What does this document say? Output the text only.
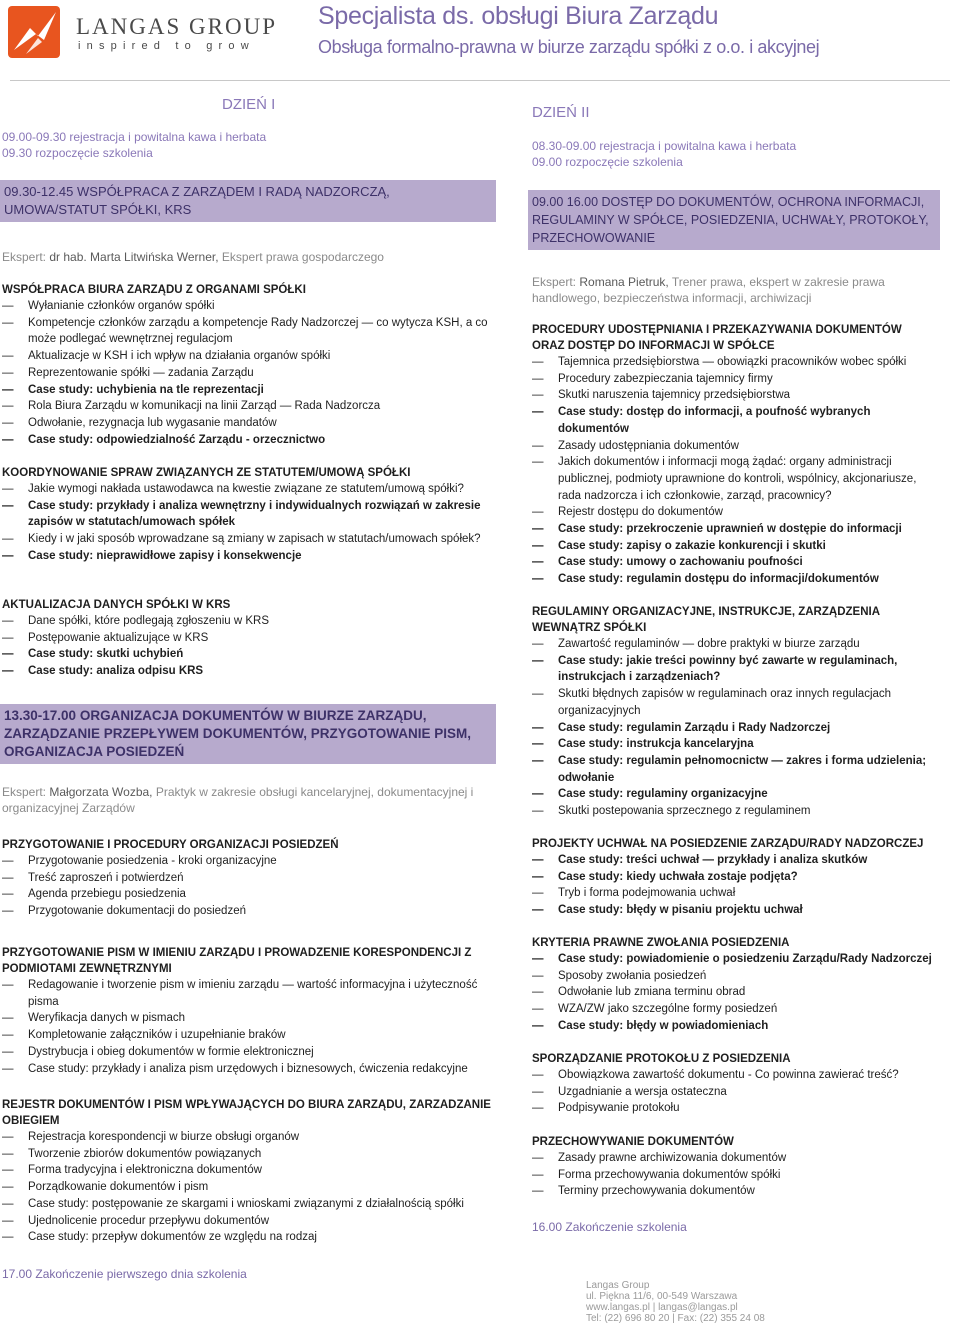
LANGAS GROUP
inspired to grow
Specjalista ds. obsługi Biura Zarządu
Obsługa formalno-prawna w biurze zarządu spółki z o.o. i akcyjnej
DZIEŃ I
09.00-09.30 rejestracja i powitalna kawa i herbata
09.30 rozpoczęcie szkolenia
09.30-12.45 WSPÓŁPRACA Z ZARZĄDEM I RADĄ NADZORCZĄ, UMOWA/STATUT SPÓŁKI, KRS
Ekspert: dr hab. Marta Litwińska Werner, Ekspert prawa gospodarczego
WSPÓŁPRACA BIURA ZARZĄDU Z ORGANAMI SPÓŁKI
— Wyłanianie członków organów spółki
— Kompetencje członków zarządu a kompetencje Rady Nadzorczej — co wytycza KSH, a co może podlegać wewnętrznej regulacjom
— Aktualizacje w KSH i ich wpływ na działania organów spółki
— Reprezentowanie spółki — zadania Zarządu
— Case study: uchybienia na tle reprezentacji
— Rola Biura Zarządu w komunikacji na linii Zarząd — Rada Nadzorcza
— Odwołanie, rezygnacja lub wygasanie mandatów
— Case study: odpowiedzialność Zarządu - orzecznictwo
KOORDYNOWANIE SPRAW ZWIĄZANYCH ZE STATUTEM/UMOWĄ SPÓŁKI
— Jakie wymogi nakłada ustawodawca na kwestie związane ze statutem/umową spółki?
— Case study: przykłady i analiza wewnętrzny i indywidualnych rozwiązań w zakresie zapisów w statutach/umowach spółek
— Kiedy i w jaki sposób wprowadzane są zmiany w zapisach w statutach/umowach spółek?
— Case study: nieprawidłowe zapisy i konsekwencje
AKTUALIZACJA DANYCH SPÓŁKI W KRS
— Dane spółki, które podlegają zgłoszeniu w KRS
— Postępowanie aktualizujące w KRS
— Case study: skutki uchybień
— Case study: analiza odpisu KRS
13.30-17.00 ORGANIZACJA DOKUMENTÓW W BIURZE ZARZĄDU, ZARZĄDZANIE PRZEPŁYWEM DOKUMENTÓW, PRZYGOTOWANIE PISM, ORGANIZACJA POSIEDZEŃ
Ekspert: Małgorzata Wozba, Praktyk w zakresie obsługi kancelaryjnej, dokumentacyjnej i organizacyjnej Zarządów
PRZYGOTOWANIE I PROCEDURY ORGANIZACJI POSIEDZEŃ
— Przygotowanie posiedzenia - kroki organizacyjne
— Treść zaproszeń i potwierdzeń
— Agenda przebiegu posiedzenia
— Przygotowanie dokumentacji do posiedzeń
PRZYGOTOWANIE PISM W IMIENIU ZARZĄDU I PROWADZENIE KORESPONDENCJI Z PODMIOTAMI ZEWNĘTRZNYMI
— Redagowanie i tworzenie pism w imieniu zarządu — wartość informacyjna i użyteczność pisma
— Weryfikacja danych w pismach
— Kompletowanie załączników i uzupełnianie braków
— Dystrybucja i obieg dokumentów w formie elektronicznej
— Case study: przykłady i analiza pism urzędowych i biznesowych, ćwiczenia redakcyjne
REJESTR DOKUMENTÓW I PISM WPŁYWAJĄCYCH DO BIURA ZARZĄDU, ZARZADZANIE OBIEGIEM
— Rejestracja korespondencji w biurze obsługi organów
— Tworzenie zbiorów dokumentów powiązanych
— Forma tradycyjna i elektroniczna dokumentów
— Porządkowanie dokumentów i pism
— Case study: postępowanie ze skargami i wnioskami związanymi z działalnością spółki
— Ujednolicenie procedur przepływu dokumentów
— Case study: przepływ dokumentów ze względu na rodzaj
17.00 Zakończenie pierwszego dnia szkolenia
DZIEŃ II
08.30-09.00 rejestracja i powitalna kawa i herbata
09.00 rozpoczęcie szkolenia
09.00 16.00 DOSTĘP DO DOKUMENTÓW, OCHRONA INFORMACJI, REGULAMINY W SPÓŁCE, POSIEDZENIA, UCHWAŁY, PROTOKOŁY, PRZECHOWOWANIE
Ekspert: Romana Pietruk, Trener prawa, ekspert w zakresie prawa handlowego, bezpieczeństwa informacji, archiwizacji
PROCEDURY UDOSTĘPNIANIA I PRZEKAZYWANIA DOKUMENTÓW ORAZ DOSTĘP DO INFORMACJI W SPÓŁCE
— Tajemnica przedsiębiorstwa — obowiązki pracowników wobec spółki
— Procedury zabezpieczania tajemnicy firmy
— Skutki naruszenia tajemnicy przedsiębiorstwa
— Case study: dostęp do informacji, a poufność wybranych dokumentów
— Zasady udostępniania dokumentów
— Jakich dokumentów i informacji mogą żądać: organy administracji publicznej, podmioty uprawnione do kontroli, wspólnicy, akcjonariusze, rada nadzorcza i ich członkowie, zarząd, pracownicy?
— Rejestr dostępu do dokumentów
— Case study: przekroczenie uprawnień w dostępie do informacji
— Case study: zapisy o zakazie konkurencji i skutki
— Case study: umowy o zachowaniu poufności
— Case study: regulamin dostępu do informacji/dokumentów
REGULAMINY ORGANIZACYJNE, INSTRUKCJE, ZARZĄDZENIA WEWNĄTRZ SPÓŁKI
— Zawartość regulaminów — dobre praktyki w biurze zarządu
— Case study: jakie treści powinny być zawarte w regulaminach, instrukcjach i zarządzeniach?
— Skutki błędnych zapisów w regulaminach oraz innych regulacjach organizacyjnych
— Case study: regulamin Zarządu i Rady Nadzorczej
— Case study: instrukcja kancelaryjna
— Case study: regulamin pełnomocnictw — zakres i forma udzielenia; odwołanie
— Case study: regulaminy organizacyjne
— Skutki postepowania sprzecznego z regulaminem
PROJEKTY UCHWAŁ NA POSIEDZENIE ZARZĄDU/RADY NADZORCZEJ
— Case study: treści uchwał — przykłady i analiza skutków
— Case study: kiedy uchwała zostaje podjęta?
— Tryb i forma podejmowania uchwał
— Case study: błędy w pisaniu projektu uchwał
KRYTERIA PRAWNE ZWOŁANIA POSIEDZENIA
— Case study: powiadomienie o posiedzeniu Zarządu/Rady Nadzorczej
— Sposoby zwołania posiedzeń
— Odwołanie lub zmiana terminu obrad
— WZA/ZW jako szczególne formy posiedzeń
— Case study: błędy w powiadomieniach
SPORZĄDZANIE PROTOKOŁU Z POSIEDZENIA
— Obowiązkowa zawartość dokumentu - Co powinna zawierać treść?
— Uzgadnianie a wersja ostateczna
— Podpisywanie protokołu
PRZECHOWYWANIE DOKUMENTÓW
— Zasady prawne archiwizowania dokumentów
— Forma przechowywania dokumentów spółki
— Terminy przechowywania dokumentów
16.00 Zakończenie szkolenia
Langas Group
ul. Piękna 11/6, 00-549 Warszawa
www.langas.pl | langas@langas.pl
Tel: (22) 696 80 20 | Fax: (22) 355 24 08
